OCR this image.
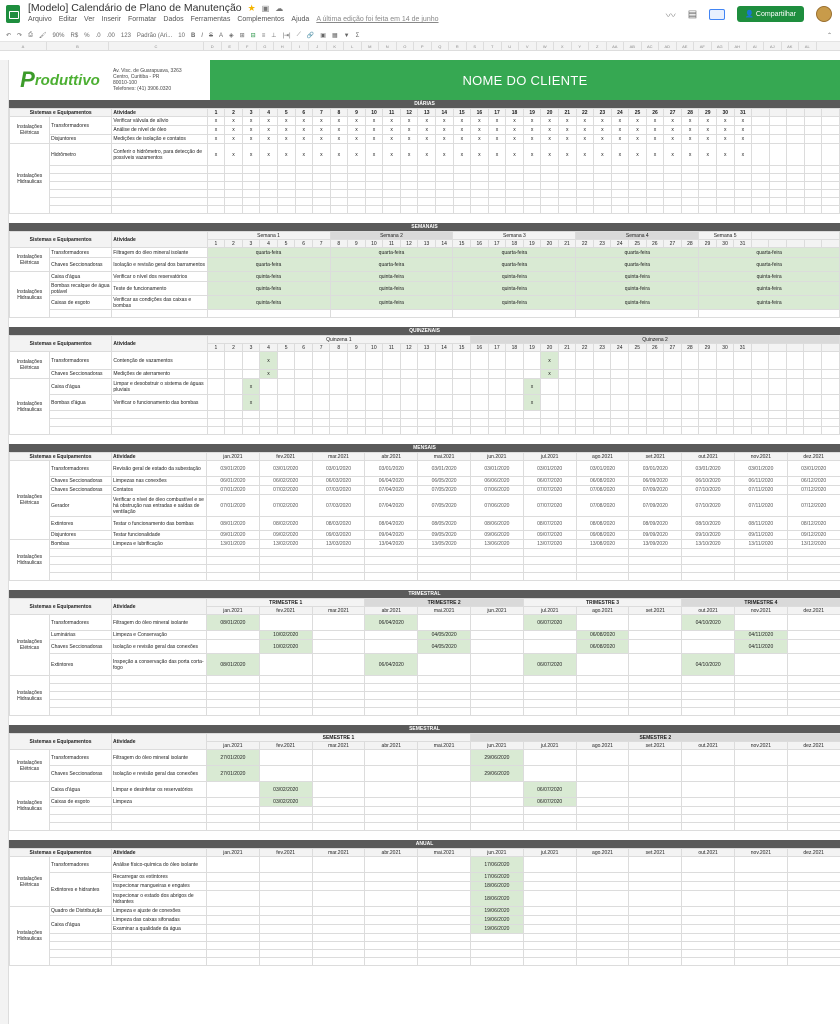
[Modelo] Calendário de Plano de Manutenção ★ ▣ ☁
Arquivo Editar Ver Inserir Formatar Dados Ferramentas Complementos Ajuda A última edição foi feita em 14 de junho	〰 ▤	👤 Compartilhar
↶ ↷ ⎙ 🖌 90% R$ % .0 .00 123 Padrão (Ari... 10 B I S A ◈ ⊞ ⊟ ≡ ⊥ |⇥| ⟋ 🔗 ▣ ▦ ▼ Σ	⌃
A	B	C	D	E	F	G	H	I	J	K	L	M	N	O	P	Q	R	S	T	U	V	W	X	Y	Z	AA	AB	AC	AD	AE	AF	AG	AH	AI	AJ	AK	AL
P roduttivo
Av. Visc. de Guarapuava, 3263
Centro, Curitiba - PR
80010-100
Telefones: (41) 3906.0320
NOME DO CLIENTE
DIÁRIAS
Sistemas e Equipamentos		Atividade	1	2	3	4	5	6	7	8	9	10	11	12	13	14	15	16	17	18	19	20	21	22	23	24	25	26	27	28	29	30	31					
Instalações Elétricas	Transformadores	Verificar válvula de alívio	x	x	x	x	x	x	x	x	x	x	x	x	x	x	x	x	x	x	x	x	x	x	x	x	x	x	x	x	x	x	x					
		Análise de nível de óleo	x	x	x	x	x	x	x	x	x	x	x	x	x	x	x	x	x	x	x	x	x	x	x	x	x	x	x	x	x	x	x					
	Disjuntores	Medições de isolação e contatos	x	x	x	x	x	x	x	x	x	x	x	x	x	x	x	x	x	x	x	x	x	x	x	x	x	x	x	x	x	x	x					
Instalações Hidraulicas	Hidrômetro	Conferir o hidrômetro, para detecção de possíveis vazamentos	x	x	x	x	x	x	x	x	x	x	x	x	x	x	x	x	x	x	x	x	x	x	x	x	x	x	x	x	x	x	x					

SEMANAIS
Sistemas e Equipamentos		Atividade	Semana 1							Semana 2							Semana 3							Semana 4							Semana 5							
			1	2	3	4	5	6	7	8	9	10	11	12	13	14	15	16	17	18	19	20	21	22	23	24	25	26	27	28	29	30	31					
Instalações Elétricas	Transformadores	Filtragem do óleo mineral isolante	quarta-feira							quarta-feira							quarta-feira							quarta-feira							quarta-feira							
	Chaves Seccionadoras	Isolação e revisão geral dos barramentos	quarta-feira							quarta-feira							quarta-feira							quarta-feira							quarta-feira							
Instalações Hidraulicas	Caixa d'água	Verificar o nível dos reservatórios	quinta-feira							quinta-feira							quinta-feira							quinta-feira							quinta-feira							
	Bombas recalque de água potável	Teste de funcionamento	quinta-feira							quinta-feira							quinta-feira							quinta-feira							quinta-feira							
	Caixas de esgoto	Verificar as condições das caixas e bombas	quinta-feira							quinta-feira							quinta-feira							quinta-feira							quinta-feira							

QUINZENAIS
Sistemas e Equipamentos		Atividade	Quinzena 1															Quinzena 2																				
			1	2	3	4	5	6	7	8	9	10	11	12	13	14	15	16	17	18	19	20	21	22	23	24	25	26	27	28	29	30	31					
Instalações Elétricas	Transformadores	Contenção de vazamentos				x																x																
	Chaves Seccionadoras	Medições de aterramento				x																x																
Instalações Hidraulicas	Caixa d'água	Limpar e desobstruir o sistema de águas pluviais			x																x																	
	Bombas d'água	Verificar o funcionamento das bombas			x																x																	

MENSAIS
Sistemas e Equipamentos		Atividade	jan.2021	fev.2021	mar.2021	abr.2021	mai.2021	jun.2021	jul.2021	ago.2021	set.2021	out.2021	nov.2021	dez.2021
Instalações Elétricas	Transformadores	Revisão geral de estado da subestação	03/01/2020	03/01/2020	03/01/2020	03/01/2020	03/01/2020	03/01/2020	03/01/2020	03/01/2020	03/01/2020	03/01/2020	03/01/2020	03/01/2020
	Chaves Seccionadoras	Limpezas nas conexões	06/01/2020	06/02/2020	06/03/2020	06/04/2020	06/05/2020	06/06/2020	06/07/2020	06/08/2020	06/09/2020	06/10/2020	06/11/2020	06/12/2020
	Chaves Seccionadoras	Contatos	07/01/2020	07/02/2020	07/03/2020	07/04/2020	07/05/2020	07/06/2020	07/07/2020	07/08/2020	07/09/2020	07/10/2020	07/11/2020	07/12/2020
	Gerador	Verificar o nível de óleo combustível e se há obstrução nas entradas e saídas de ventilação	07/01/2020	07/02/2020	07/03/2020	07/04/2020	07/05/2020	07/06/2020	07/07/2020	07/08/2020	07/09/2020	07/10/2020	07/11/2020	07/12/2020
	Extintores	Testar o funcionamento das bombas	08/01/2020	08/02/2020	08/03/2020	08/04/2020	08/05/2020	08/06/2020	08/07/2020	08/08/2020	08/09/2020	08/10/2020	08/11/2020	08/12/2020
	Disjuntores	Testar funcionalidade	09/01/2020	09/02/2020	09/03/2020	09/04/2020	09/05/2020	09/06/2020	09/07/2020	09/08/2020	09/09/2020	09/10/2020	09/11/2020	09/12/2020
Instalações Hidraulicas	Bombas	Limpeza e lubrificação	13/01/2020	13/02/2020	13/03/2020	13/04/2020	13/05/2020	13/06/2020	13/07/2020	13/08/2020	13/09/2020	13/10/2020	13/11/2020	13/12/2020

TRIMESTRAL
Sistemas e Equipamentos		Atividade	TRIMESTRE 1			TRIMESTRE 2			TRIMESTRE 3			TRIMESTRE 4		
			jan.2021	fev.2021	mar.2021	abr.2021	mai.2021	jun.2021	jul.2021	ago.2021	set.2021	out.2021	nov.2021	dez.2021
Instalações Elétricas	Transformadores	Filtragem do óleo mineral isolante	08/01/2020			06/04/2020			06/07/2020			04/10/2020		
	Luminárias	Limpeza e Conservação		10/02/2020			04/05/2020			06/08/2020			04/11/2020	
	Chaves Seccionadoras	Isolação e revisão geral das conexões		10/02/2020			04/05/2020			06/08/2020			04/11/2020	
	Extintores	Inspeção a conservação das porta corta-fogo	08/01/2020			06/04/2020			06/07/2020			04/10/2020		
Instalações Hidraulicas														

SEMESTRAL
Sistemas e Equipamentos		Atividade	SEMESTRE 1					SEMESTRE 2						
			jan.2021	fev.2021	mar.2021	abr.2021	mai.2021	jun.2021	jul.2021	ago.2021	set.2021	out.2021	nov.2021	dez.2021
Instalações Elétricas	Transformadores	Filtragem do óleo mineral isolante	27/01/2020					29/06/2020						
	Chaves Seccionadoras	Isolação e revisão geral das conexões	27/01/2020					29/06/2020						
Instalações Hidraulicas	Caixa d'água	Limpar e desinfetar os reservatórios		03/02/2020					06/07/2020					
	Caixas de esgoto	Limpeza		03/02/2020					06/07/2020					

ANUAL
Sistemas e Equipamentos		Atividade	jan.2021	fev.2021	mar.2021	abr.2021	mai.2021	jun.2021	jul.2021	ago.2021	set.2021	out.2021	nov.2021	dez.2021
Instalações Elétricas	Transformadores	Análise físico-química do óleo isolante						17/06/2020						
	Extintores e hidrantes	Recarregar os extintores						17/06/2020						
		Inspecionar mangueiras e engates						18/06/2020						
		Inspecionar o estado dos abrigos de hidrantes						18/06/2020						
Instalações Hidraulicas	Quadro de Distribuição	Limpeza e ajuste de conexões						19/06/2020						
	Caixa d'água	Limpeza das caixas sifonadas						19/06/2020						
		Examinar a qualidade da água						19/06/2020						
